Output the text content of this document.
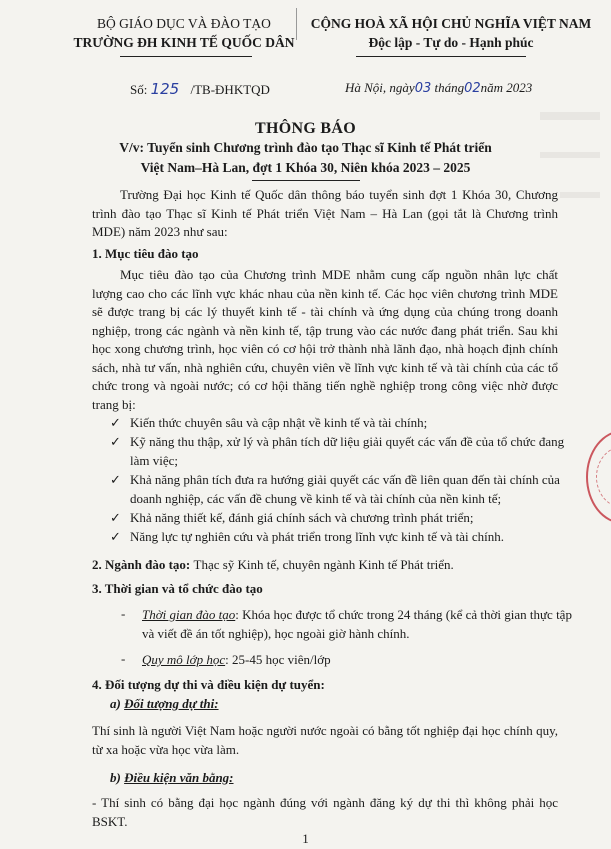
BỘ GIÁO DỤC VÀ ĐÀO TẠO
TRƯỜNG ĐH KINH TẾ QUỐC DÂN
CỘNG HOÀ XÃ HỘI CHỦ NGHĨA VIỆT NAM
Độc lập - Tự do - Hạnh phúc
Số: 125 /TB-ĐHKTQD	Hà Nội, ngày03 tháng02năm 2023
THÔNG BÁO
V/v: Tuyển sinh Chương trình đào tạo Thạc sĩ Kinh tế Phát triển
Việt Nam–Hà Lan, đợt 1 Khóa 30, Niên khóa 2023 – 2025
Trường Đại học Kinh tế Quốc dân thông báo tuyển sinh đợt 1 Khóa 30, Chương trình đào tạo Thạc sĩ Kinh tế Phát triển Việt Nam – Hà Lan (gọi tắt là Chương trình MDE) năm 2023 như sau:
1. Mục tiêu đào tạo
Mục tiêu đào tạo của Chương trình MDE nhằm cung cấp nguồn nhân lực chất lượng cao cho các lĩnh vực khác nhau của nền kinh tế. Các học viên chương trình MDE sẽ được trang bị các lý thuyết kinh tế - tài chính và ứng dụng của chúng trong doanh nghiệp, trong các ngành và nền kinh tế, tập trung vào các nước đang phát triển. Sau khi học xong chương trình, học viên có cơ hội trở thành nhà lãnh đạo, nhà hoạch định chính sách, nhà tư vấn, nhà nghiên cứu, chuyên viên về lĩnh vực kinh tế và tài chính của các tổ chức trong và ngoài nước; có cơ hội thăng tiến nghề nghiệp trong công việc nhờ được trang bị:
✓ Kiến thức chuyên sâu và cập nhật về kinh tế và tài chính;
✓ Kỹ năng thu thập, xử lý và phân tích dữ liệu giải quyết các vấn đề của tổ chức đang làm việc;
✓ Khả năng phân tích đưa ra hướng giải quyết các vấn đề liên quan đến tài chính của doanh nghiệp, các vấn đề chung về kinh tế và tài chính của nền kinh tế;
✓ Khả năng thiết kế, đánh giá chính sách và chương trình phát triển;
✓ Năng lực tự nghiên cứu và phát triển trong lĩnh vực kinh tế và tài chính.
2. Ngành đào tạo: Thạc sỹ Kinh tế, chuyên ngành Kinh tế Phát triển.
3. Thời gian và tổ chức đào tạo
- Thời gian đào tạo: Khóa học được tổ chức trong 24 tháng (kể cả thời gian thực tập và viết đề án tốt nghiệp), học ngoài giờ hành chính.
- Quy mô lớp học: 25-45 học viên/lớp
4. Đối tượng dự thi và điều kiện dự tuyển:
a) Đối tượng dự thi:
Thí sinh là người Việt Nam hoặc người nước ngoài có bằng tốt nghiệp đại học chính quy, từ xa hoặc vừa học vừa làm.
b) Điều kiện văn bằng:
- Thí sinh có bằng đại học ngành đúng với ngành đăng ký dự thi thì không phải học BSKT.
1
